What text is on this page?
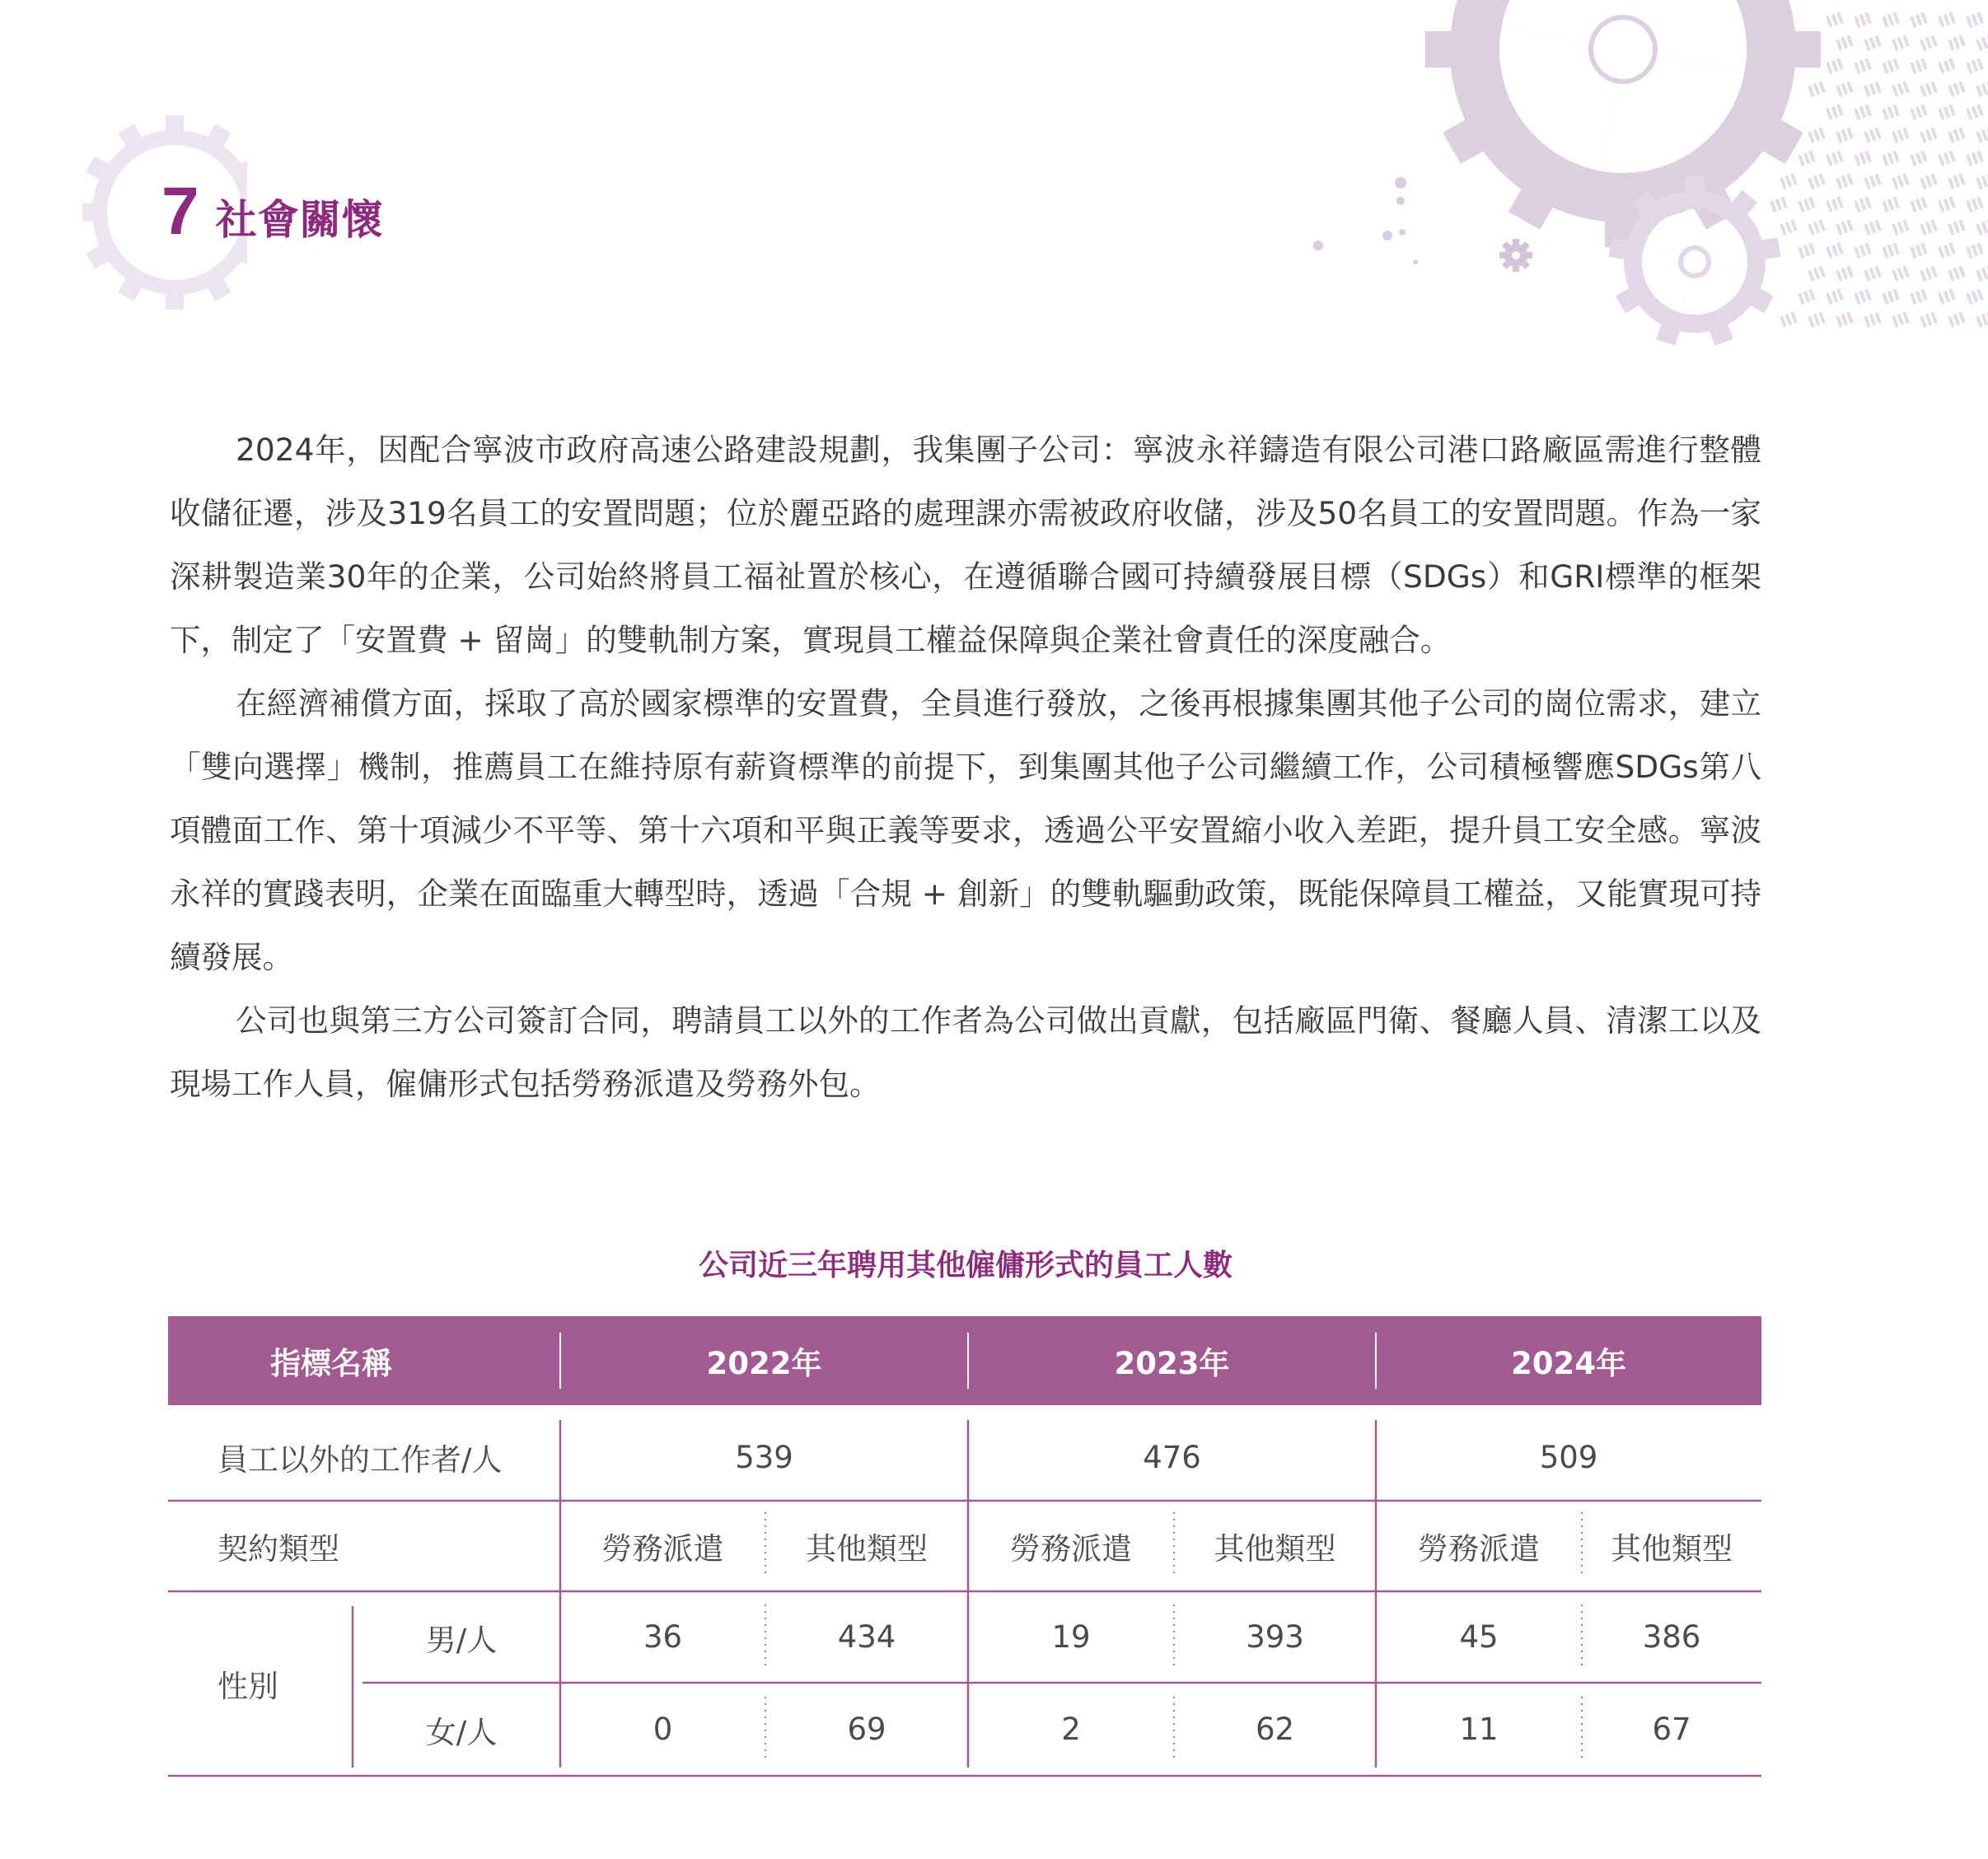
7 社會關懷

2024年，因配合寧波市政府高速公路建設規劃，我集團子公司：寧波永祥鑄造有限公司港口路廠區需進行整體收儲征遷，涉及319名員工的安置問題；位於麗亞路的處理課亦需被政府收儲，涉及50名員工的安置問題。作為一家深耕製造業30年的企業，公司始終將員工福祉置於核心，在遵循聯合國可持續發展目標（SDGs）和GRI標準的框架下，制定了「安置費 + 留崗」的雙軌制方案，實現員工權益保障與企業社會責任的深度融合。

在經濟補償方面，採取了高於國家標準的安置費，全員進行發放，之後再根據集團其他子公司的崗位需求，建立「雙向選擇」機制，推薦員工在維持原有薪資標準的前提下，到集團其他子公司繼續工作，公司積極響應SDGs第八項體面工作、第十項減少不平等、第十六項和平與正義等要求，透過公平安置縮小收入差距，提升員工安全感。寧波永祥的實踐表明，企業在面臨重大轉型時，透過「合規 + 創新」的雙軌驅動政策，既能保障員工權益，又能實現可持續發展。

公司也與第三方公司簽訂合同，聘請員工以外的工作者為公司做出貢獻，包括廠區門衛、餐廳人員、清潔工以及現場工作人員，僱傭形式包括勞務派遣及勞務外包。

公司近三年聘用其他僱傭形式的員工人數
指標名稱	2022年	2023年	2024年
員工以外的工作者/人	539	476	509
契約類型	勞務派遣	其他類型	勞務派遣	其他類型	勞務派遣	其他類型
性別
男/人	36	434	19	393	45	386
女/人	0	69	2	62	11	67
